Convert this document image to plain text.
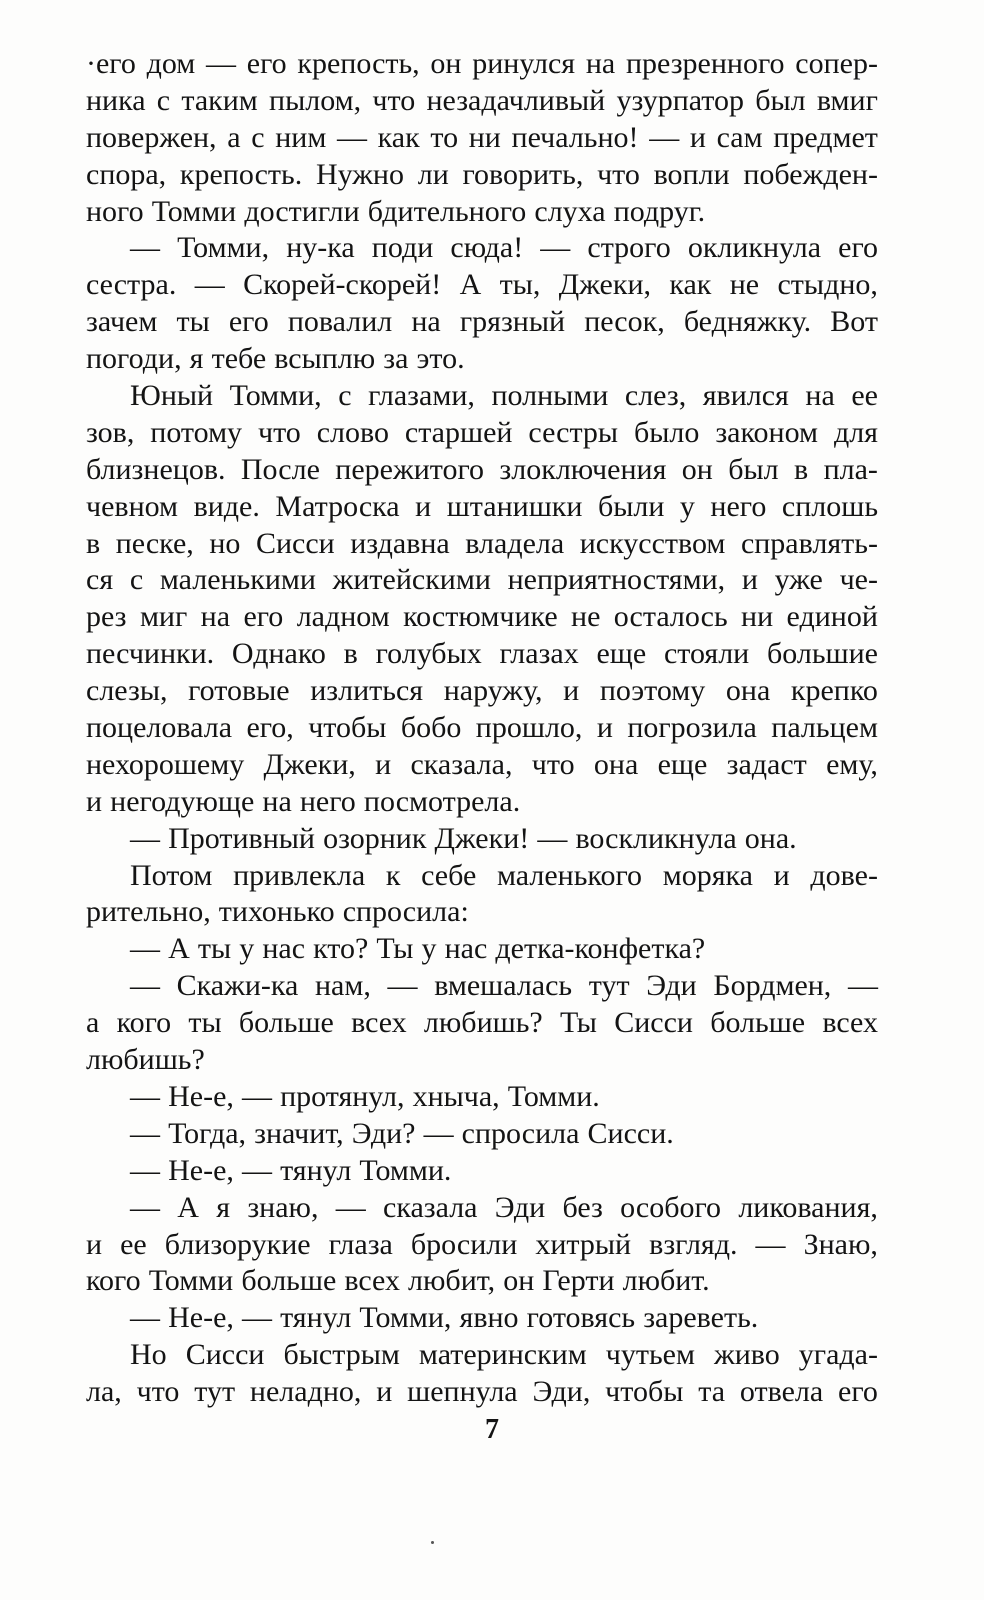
·его дом — его крепость, он ринулся на презренного сопер-
ника с таким пылом, что незадачливый узурпатор был вмиг
повержен, а с ним — как то ни печально! — и сам предмет
спора, крепость. Нужно ли говорить, что вопли побежден-
ного Томми достигли бдительного слуха подруг.
— Томми, ну-ка поди сюда! — строго окликнула его
сестра. — Скорей-скорей! А ты, Джеки, как не стыдно,
зачем ты его повалил на грязный песок, бедняжку. Вот
погоди, я тебе всыплю за это.
Юный Томми, с глазами, полными слез, явился на ее
зов, потому что слово старшей сестры было законом для
близнецов. После пережитого злоключения он был в пла-
чевном виде. Матроска и штанишки были у него сплошь
в песке, но Сисси издавна владела искусством справлять-
ся с маленькими житейскими неприятностями, и уже че-
рез миг на его ладном костюмчике не осталось ни единой
песчинки. Однако в голубых глазах еще стояли большие
слезы, готовые излиться наружу, и поэтому она крепко
поцеловала его, чтобы бобо прошло, и погрозила пальцем
нехорошему Джеки, и сказала, что она еще задаст ему,
и негодующе на него посмотрела.
— Противный озорник Джеки! — воскликнула она.
Потом привлекла к себе маленького моряка и дове-
рительно, тихонько спросила:
— А ты у нас кто? Ты у нас детка-конфетка?
— Скажи-ка нам, — вмешалась тут Эди Бордмен, —
а кого ты больше всех любишь? Ты Сисси больше всех
любишь?
— Не-е, — протянул, хныча, Томми.
— Тогда, значит, Эди? — спросила Сисси.
— Не-е, — тянул Томми.
— А я знаю, — сказала Эди без особого ликования,
и ее близорукие глаза бросили хитрый взгляд. — Знаю,
кого Томми больше всех любит, он Герти любит.
— Не-е, — тянул Томми, явно готовясь зареветь.
Но Сисси быстрым материнским чутьем живо угада-
ла, что тут неладно, и шепнула Эди, чтобы та отвела его
7
